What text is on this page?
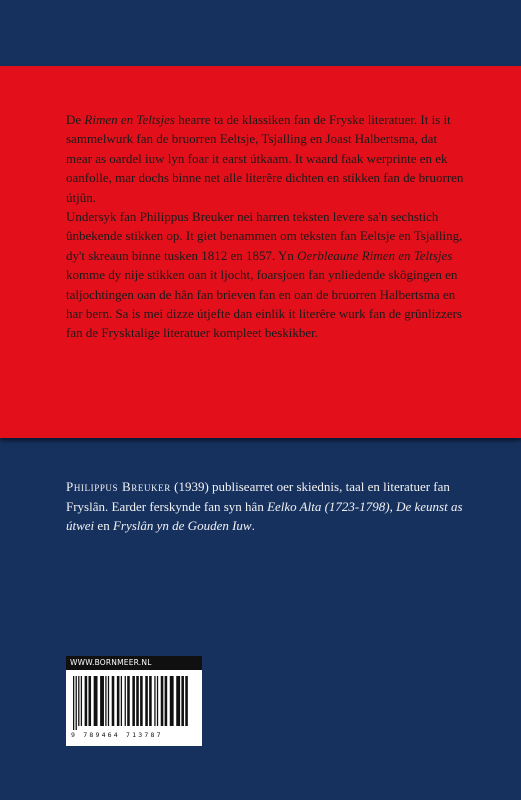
De Rimen en Teltsjes hearre ta de klassiken fan de Fryske literatuer. It is it sammelwurk fan de bruorren Eeltsje, Tsjalling en Joast Halbertsma, dat mear as oardel iuw lyn foar it earst útkaam. It waard faak werprinte en ek oanfolle, mar dochs binne net alle literêre dichten en stikken fan de bruorren útjûn.

Undersyk fan Philippus Breuker nei harren teksten levere sa'n sechstich ûnbekende stikken op. It giet benammen om teksten fan Eeltsje en Tsjalling, dy't skreaun binne tusken 1812 en 1857. Yn Oerbleaune Rimen en Teltsjes komme dy nije stikken oan it ljocht, foarsjoen fan ynliedende skôgingen en taljochtingen oan de hân fan brieven fan en oan de bruorren Halbertsma en har bern. Sa is mei dizze útjefte dan einlik it literêre wurk fan de grûnlizzers fan de Frysktalige literatuer kompleet beskikber.

Philippus Breuker (1939) publisearret oer skiednis, taal en literatuer fan Fryslân. Earder ferskynde fan syn hân Eelko Alta (1723-1798), De keunst as útwei en Fryslân yn de Gouden Iuw.

WWW.BORNMEER.NL
9 789464 713787
